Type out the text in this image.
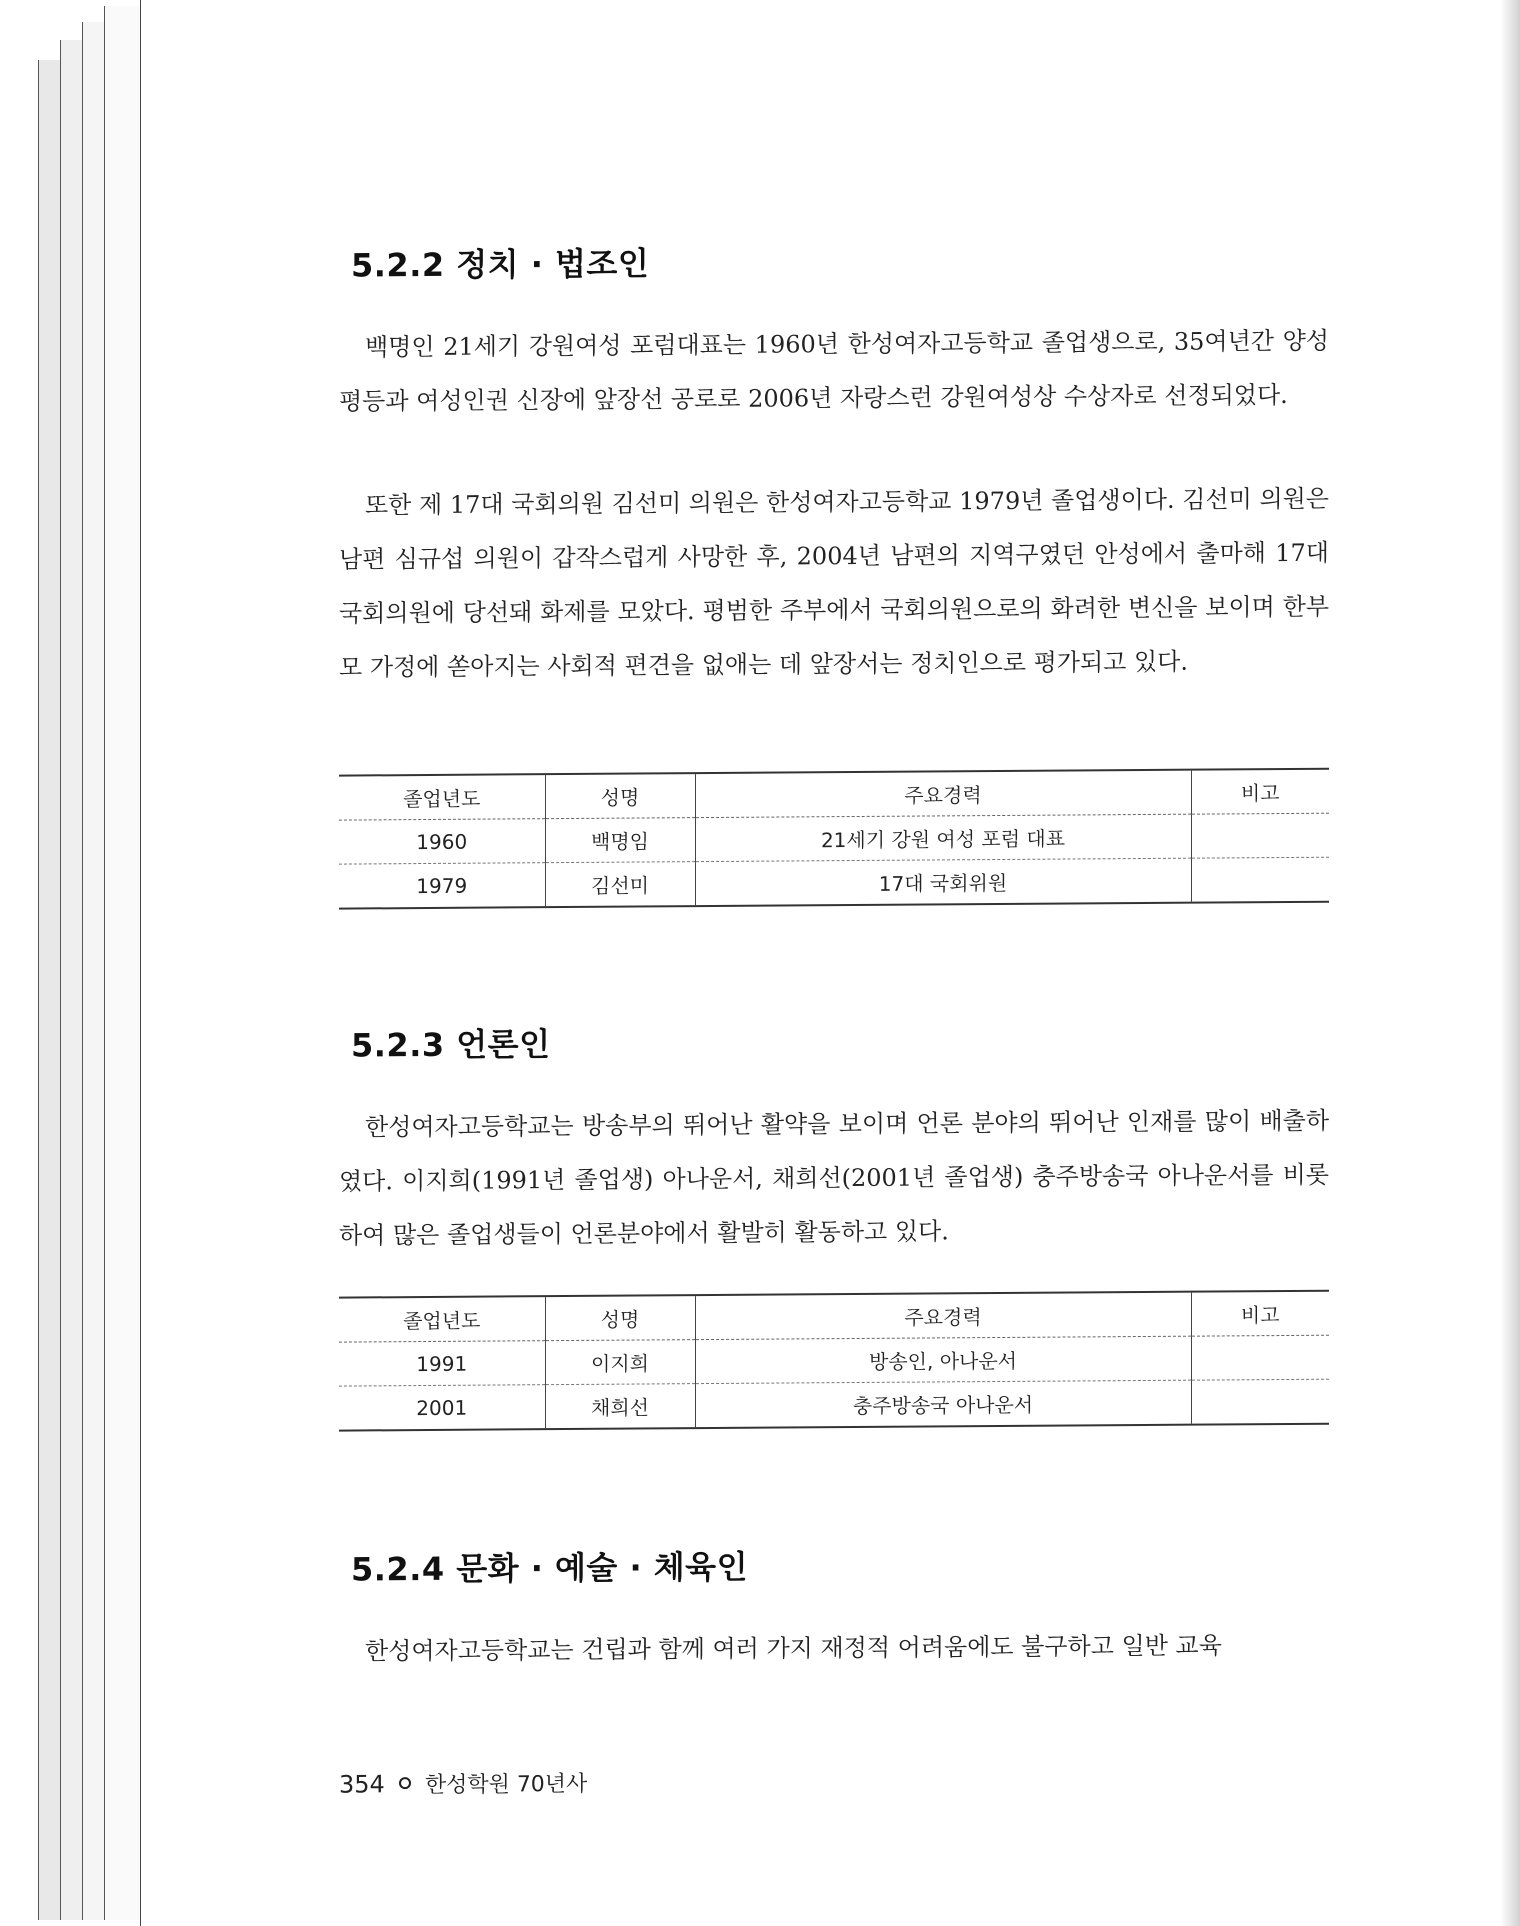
5.2.2 정치 · 법조인

백명인 21세기 강원여성 포럼대표는 1960년 한성여자고등학교 졸업생으로, 35여년간 양성평등과 여성인권 신장에 앞장선 공로로 2006년 자랑스런 강원여성상 수상자로 선정되었다.

또한 제 17대 국회의원 김선미 의원은 한성여자고등학교 1979년 졸업생이다. 김선미 의원은 남편 심규섭 의원이 갑작스럽게 사망한 후, 2004년 남편의 지역구였던 안성에서 출마해 17대 국회의원에 당선돼 화제를 모았다. 평범한 주부에서 국회의원으로의 화려한 변신을 보이며 한부모 가정에 쏟아지는 사회적 편견을 없애는 데 앞장서는 정치인으로 평가되고 있다.

졸업년도	성명	주요경력	비고
1960	백명임	21세기 강원 여성 포럼 대표	
1979	김선미	17대 국회위원	
5.2.3 언론인

한성여자고등학교는 방송부의 뛰어난 활약을 보이며 언론 분야의 뛰어난 인재를 많이 배출하였다. 이지희(1991년 졸업생) 아나운서, 채희선(2001년 졸업생) 충주방송국 아나운서를 비롯하여 많은 졸업생들이 언론분야에서 활발히 활동하고 있다.

졸업년도	성명	주요경력	비고
1991	이지희	방송인, 아나운서	
2001	채희선	충주방송국 아나운서	
5.2.4 문화 · 예술 · 체육인

한성여자고등학교는 건립과 함께 여러 가지 재정적 어려움에도 불구하고 일반 교육

354 한성학원 70년사
